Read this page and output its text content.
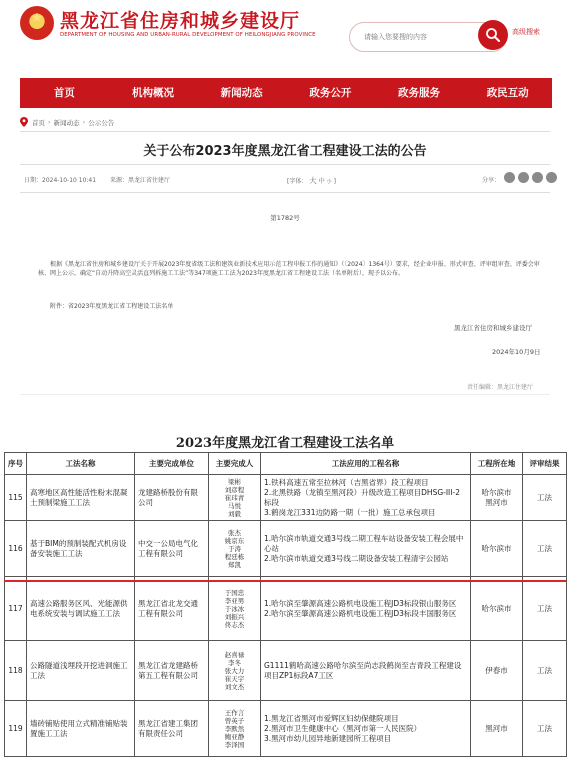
★ 黑龙江省住房和城乡建设厅
DEPARTMENT OF HOUSING AND URBAN-RURAL DEVELOPMENT OF HEILONGJIANG PROVINCE
请输入您要搜的内容	高级搜索
首页	机构概况	新闻动态	政务公开	政务服务	政民互动
首页 › 新闻动态 › 公示公告
关于公布2023年度黑龙江省工程建设工法的公告
日期：2024-10-10 10:41 来源：黑龙江省住建厅	[字体： 大 中 小 ]	分享：
第1782号
根据《黑龙江省住房和城乡建设厅关于开展2023年度省级工法和建筑业新技术应用示范工程申报工作的通知》（〔2024〕1364号）要求，经企业申报、形式审查、评审组审查、评委会审核、网上公示，确定“自动升降高空灵活直列拆施工工法”等347项施工工法为2023年度黑龙江省工程建设工法（名单附后），现予以公布。
附件：省2023年度黑龙江省工程建设工法名单
黑龙江省住房和城乡建设厅
2024年10月9日
责任编辑：黑龙江住建厅
2023年度黑龙江省工程建设工法名单
序号	工法名称	主要完成单位	主要完成人	工法应用的工程名称	工程所在地	评审结果
115	高寒地区高性能活性粉末混凝土预制梁施工工法	龙建路桥股份有限公司	梁彬
刘彦程
崔玮青
马悦
刘毅	1.铁科高速五常至拉林河（吉黑省界）段工程项目
2.北黑铁路（龙镇至黑河段）升级改造工程项目DHSG-III-2标段
3.鹤岗龙江331边防路一期（一批）施工总承包项目	哈尔滨市
黑河市	工法
116	基于BIM的预制装配式机房设备安装施工工法	中交一公局电气化工程有限公司	张杰
姚京东
于涛
程廷栋
郑凯	1.哈尔滨市轨道交通3号线二期工程车站设备安装工程会展中心站
2.哈尔滨市轨道交通3号线二期设备安装工程清宇公园站	哈尔滨市	工法
117	高速公路服务区风、光能源供电系统安装与调试施工工法	黑龙江省北龙交通工程有限公司	于国忠
李亚男
于冰冰
刘振兴
佟志杰	1.哈尔滨至肇源高速公路机电设施工程JD3标段银山服务区
2.哈尔滨至肇源高速公路机电设施工程JD3标段丰国服务区	哈尔滨市	工法
118	公路隧道浅埋段开挖进洞施工工法	黑龙江省龙建路桥第五工程有限公司	赵喜禄
李冬
张大力
崔天宇
刘文杰	G1111鹤哈高速公路哈尔滨至尚志段鹤岗至吉青段工程建设项目ZP1标段A7工区	伊春市	工法
119	墙砖铺贴使用立式精准铺贴装置施工工法	黑龙江省建工集团有限责任公司	王作言
曾英子
李默然
鲍亚静
李泽国	1.黑龙江省黑河市爱辉区妇幼保健院项目
2.黑河市卫生健康中心（黑河市第一人民医院）
3.黑河市幼儿园异地新建园所工程项目	黑河市	工法
